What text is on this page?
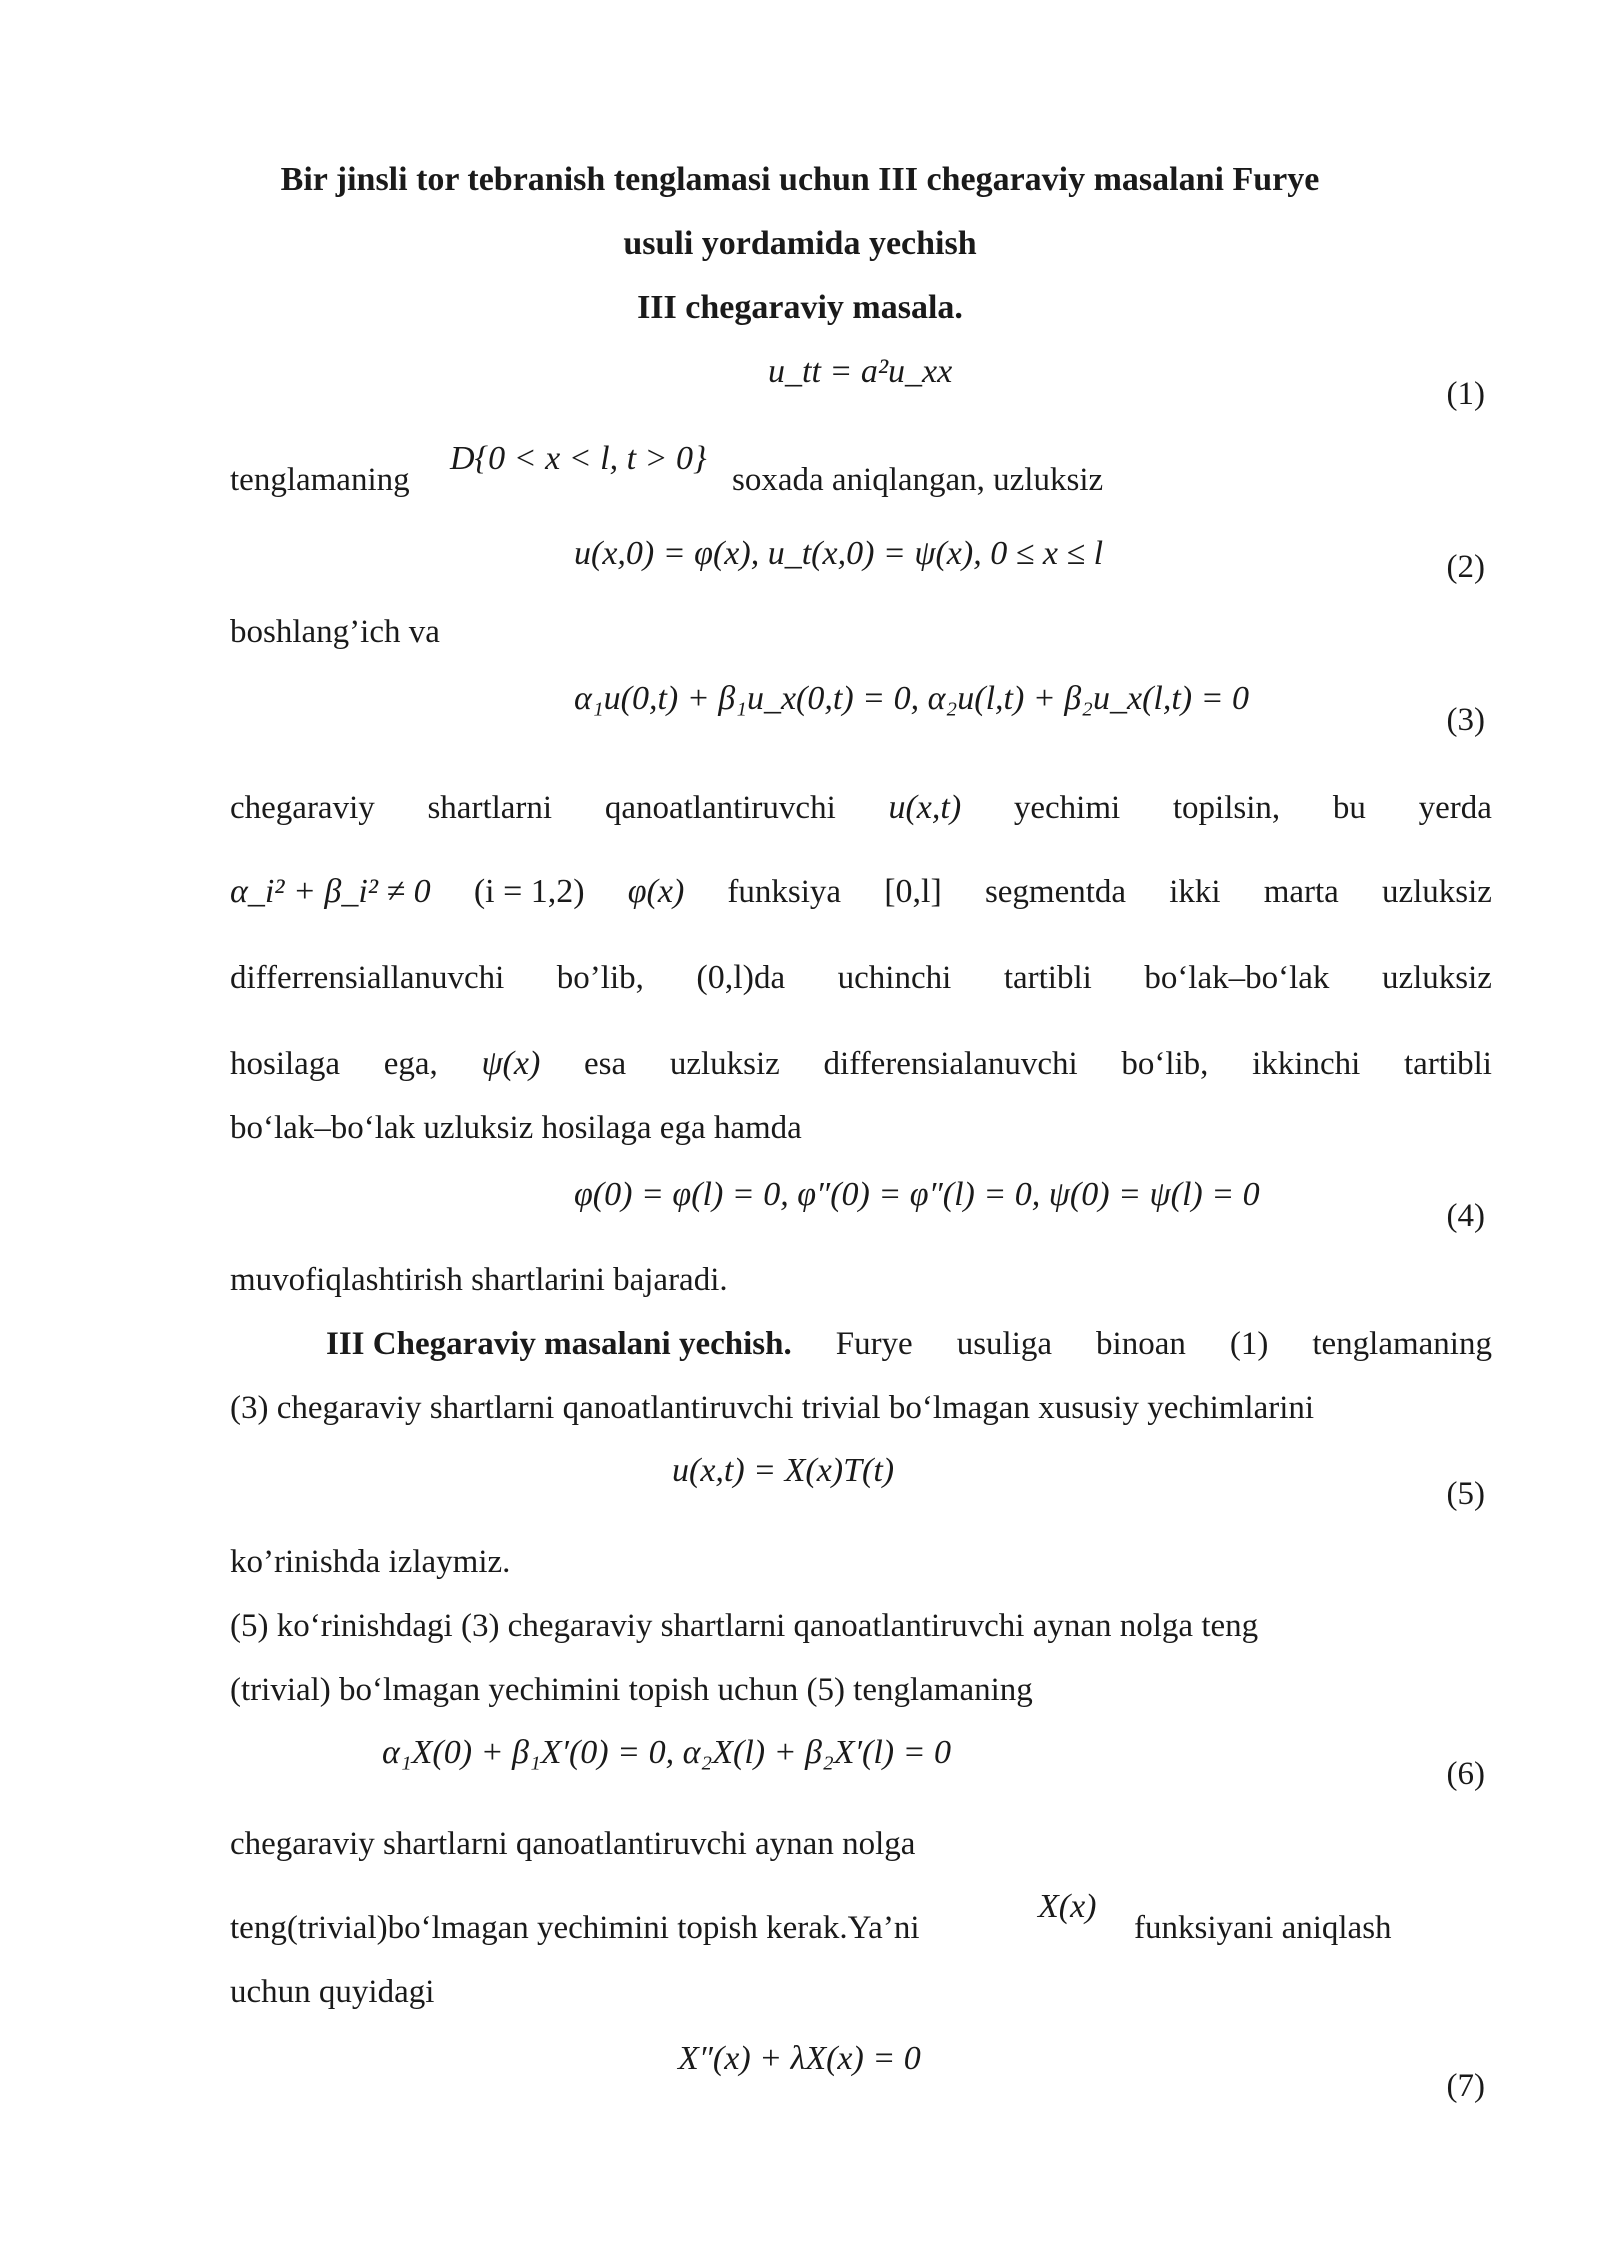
Bir jinsli tor tebranish tenglamasi uchun III chegaraviy masalani Furye
usuli yordamida yechish
III chegaraviy masala.
u_tt = a²u_xx
(1)
tenglamaning
D{0 < x < l, t > 0}
soxada aniqlangan, uzluksiz
u(x,0) = φ(x), u_t(x,0) = ψ(x), 0 ≤ x ≤ l	(2)
boshlang’ich va
α₁u(0,t) + β₁u_x(0,t) = 0, α₂u(l,t) + β₂u_x(l,t) = 0
(3)
chegaraviy shartlarni qanoatlantiruvchi u(x,t) yechimi topilsin, bu yerda
α_i² + β_i² ≠ 0 (i = 1,2) φ(x) funksiya [0,l] segmentda ikki marta uzluksiz
differrensiallanuvchi bo’lib, (0,l)da uchinchi tartibli bo‘lak–bo‘lak uzluksiz
hosilaga ega, ψ(x) esa uzluksiz differensialanuvchi bo‘lib, ikkinchi tartibli
bo‘lak–bo‘lak uzluksiz hosilaga ega hamda
φ(0) = φ(l) = 0, φ″(0) = φ″(l) = 0, ψ(0) = ψ(l) = 0
(4)
muvofiqlashtirish shartlarini bajaradi.
III Chegaraviy masalani yechish. Furye usuliga binoan (1) tenglamaning
(3) chegaraviy shartlarni qanoatlantiruvchi trivial bo‘lmagan xususiy yechimlarini
u(x,t) = X(x)T(t)
(5)
ko’rinishda izlaymiz.
(5) ko‘rinishdagi (3) chegaraviy shartlarni qanoatlantiruvchi aynan nolga teng
(trivial) bo‘lmagan yechimini topish uchun (5) tenglamaning
α₁X(0) + β₁X′(0) = 0, α₂X(l) + β₂X′(l) = 0
(6)
chegaraviy shartlarni qanoatlantiruvchi aynan nolga
teng(trivial)bo‘lmagan yechimini topish kerak.Ya’ni
X(x)
funksiyani aniqlash
uchun quyidagi
X″(x) + λX(x) = 0
(7)
